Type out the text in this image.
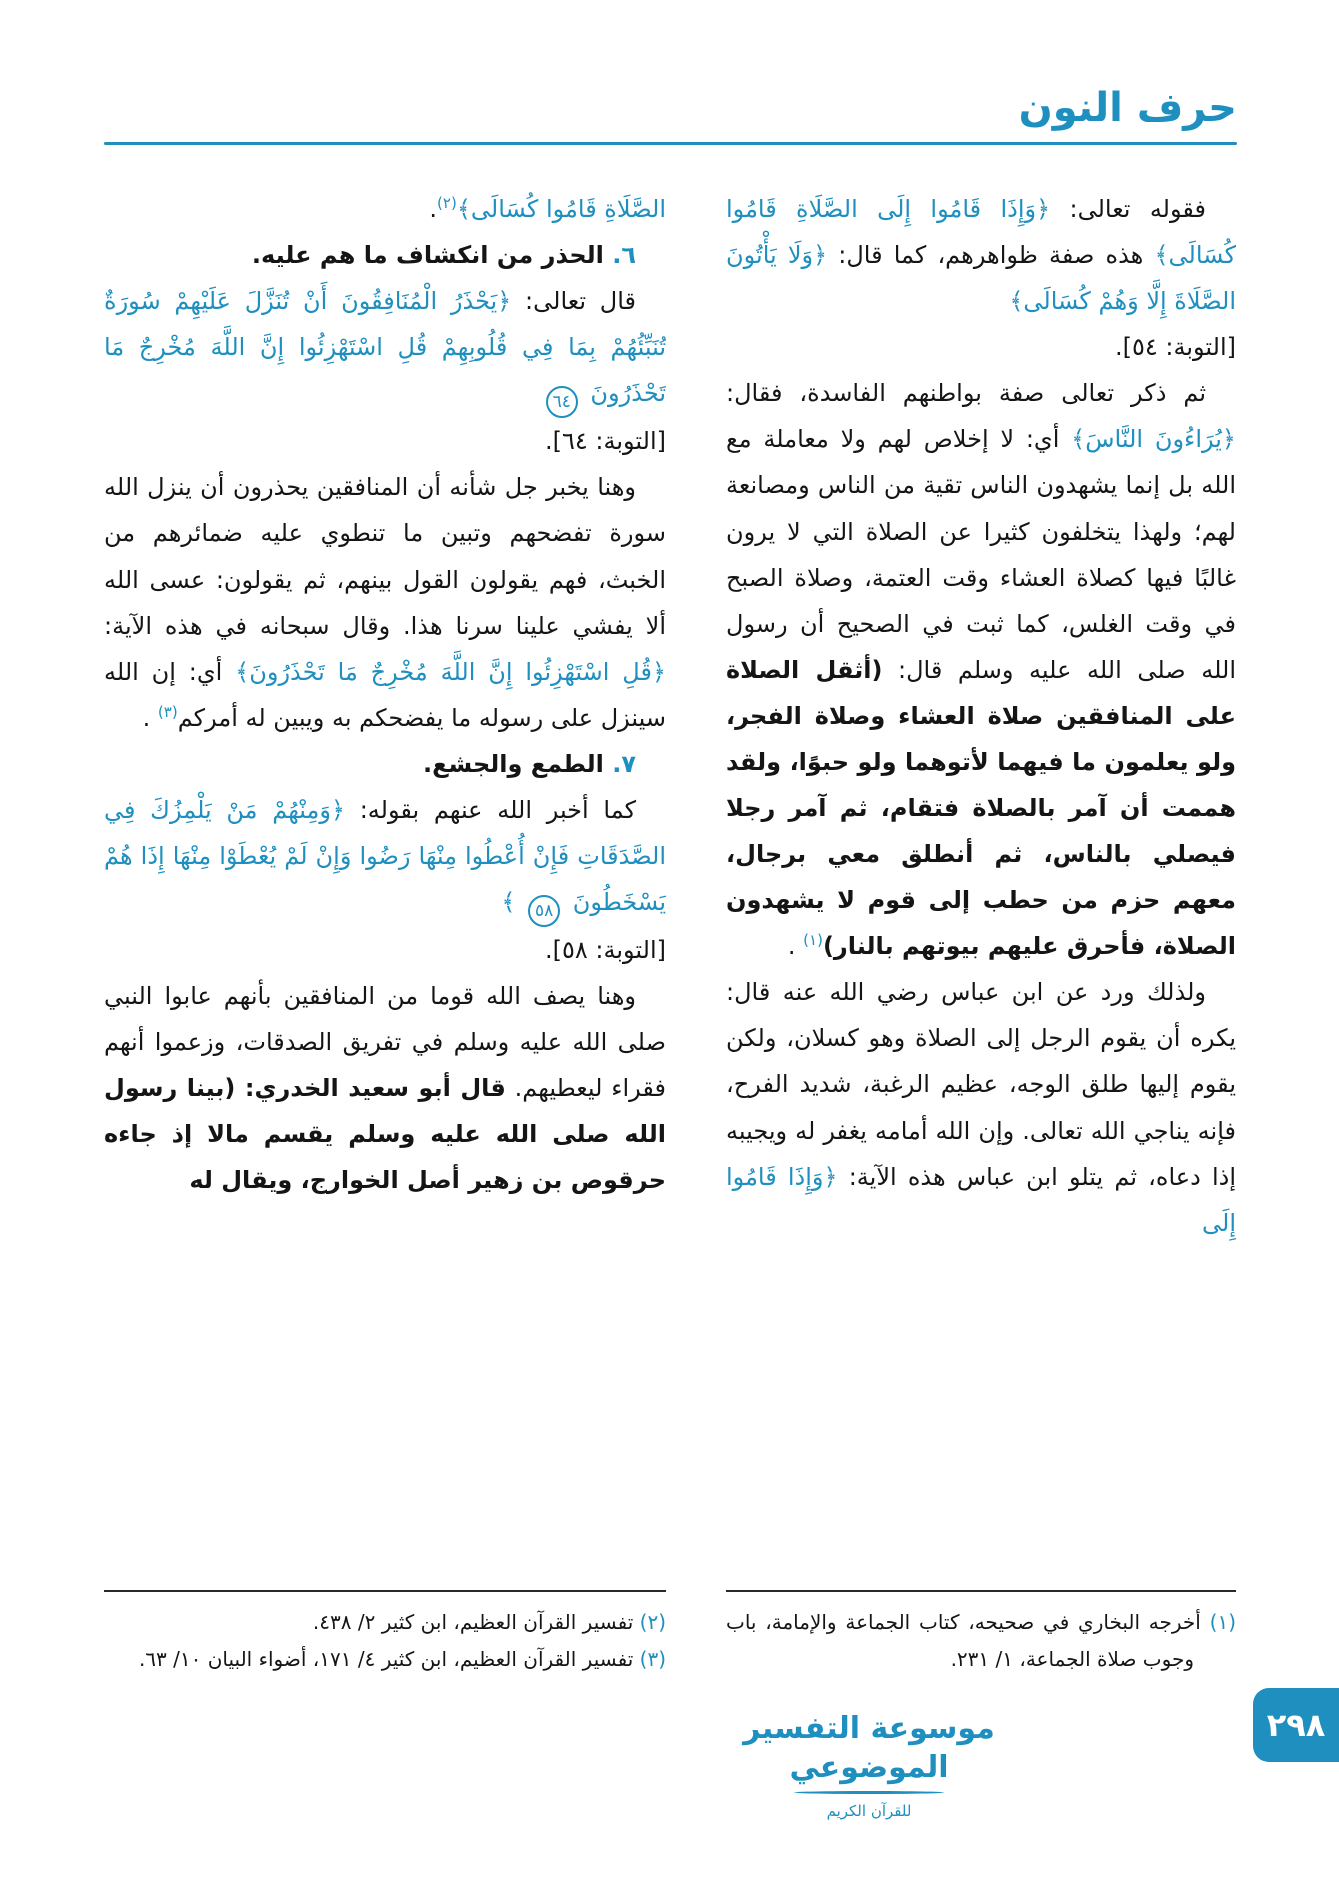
حرف النون

فقوله تعالى: ﴿وَإِذَا قَامُوا إِلَى الصَّلَاةِ قَامُوا كُسَالَى﴾ هذه صفة ظواهرهم، كما قال: ﴿وَلَا يَأْتُونَ الصَّلَاةَ إِلَّا وَهُمْ كُسَالَى﴾

[التوبة: ٥٤].

ثم ذكر تعالى صفة بواطنهم الفاسدة، فقال: ﴿يُرَاءُونَ النَّاسَ﴾ أي: لا إخلاص لهم ولا معاملة مع الله بل إنما يشهدون الناس تقية من الناس ومصانعة لهم؛ ولهذا يتخلفون كثيرا عن الصلاة التي لا يرون غالبًا فيها كصلاة العشاء وقت العتمة، وصلاة الصبح في وقت الغلس، كما ثبت في الصحيح أن رسول الله صلى الله عليه وسلم قال: (أثقل الصلاة على المنافقين صلاة العشاء وصلاة الفجر، ولو يعلمون ما فيهما لأتوهما ولو حبوًا، ولقد هممت أن آمر بالصلاة فتقام، ثم آمر رجلا فيصلي بالناس، ثم أنطلق معي برجال، معهم حزم من حطب إلى قوم لا يشهدون الصلاة، فأحرق عليهم بيوتهم بالنار)$^{(١)}$ .

ولذلك ورد عن ابن عباس رضي الله عنه قال: يكره أن يقوم الرجل إلى الصلاة وهو كسلان، ولكن يقوم إليها طلق الوجه، عظيم الرغبة، شديد الفرح، فإنه يناجي الله تعالى. وإن الله أمامه يغفر له ويجيبه إذا دعاه، ثم يتلو ابن عباس هذه الآية: ﴿وَإِذَا قَامُوا إِلَى

(١) أخرجه البخاري في صحيحه، كتاب الجماعة والإمامة، باب وجوب صلاة الجماعة، ١/ ٢٣١.

الصَّلَاةِ قَامُوا كُسَالَى﴾$^{(٢)}$.

٦. الحذر من انكشاف ما هم عليه.

قال تعالى: ﴿يَحْذَرُ الْمُنَافِقُونَ أَنْ تُنَزَّلَ عَلَيْهِمْ سُورَةٌ تُنَبِّئُهُمْ بِمَا فِي قُلُوبِهِمْ قُلِ اسْتَهْزِئُوا إِنَّ اللَّهَ مُخْرِجٌ مَا تَحْذَرُونَ ٦٤

[التوبة: ٦٤].

وهنا يخبر جل شأنه أن المنافقين يحذرون أن ينزل الله سورة تفضحهم وتبين ما تنطوي عليه ضمائرهم من الخبث، فهم يقولون القول بينهم، ثم يقولون: عسى الله ألا يفشي علينا سرنا هذا. وقال سبحانه في هذه الآية: ﴿قُلِ اسْتَهْزِئُوا إِنَّ اللَّهَ مُخْرِجٌ مَا تَحْذَرُونَ﴾ أي: إن الله سينزل على رسوله ما يفضحكم به ويبين له أمركم$^{(٣)}$ .

٧. الطمع والجشع.

كما أخبر الله عنهم بقوله: ﴿وَمِنْهُمْ مَنْ يَلْمِزُكَ فِي الصَّدَقَاتِ فَإِنْ أُعْطُوا مِنْهَا رَضُوا وَإِنْ لَمْ يُعْطَوْا مِنْهَا إِذَا هُمْ يَسْخَطُونَ ٥٨ ﴾

[التوبة: ٥٨].

وهنا يصف الله قوما من المنافقين بأنهم عابوا النبي صلى الله عليه وسلم في تفريق الصدقات، وزعموا أنهم فقراء ليعطيهم. قال أبو سعيد الخدري: (بينا رسول الله صلى الله عليه وسلم يقسم مالا إذ جاءه حرقوص بن زهير أصل الخوارج، ويقال له

(٢) تفسير القرآن العظيم، ابن كثير ٢/ ٤٣٨.
(٣) تفسير القرآن العظيم، ابن كثير ٤/ ١٧١، أضواء البيان ١٠/ ٦٣.
موسوعة التفسير الموضوعي
للقرآن الكريم
٢٩٨
